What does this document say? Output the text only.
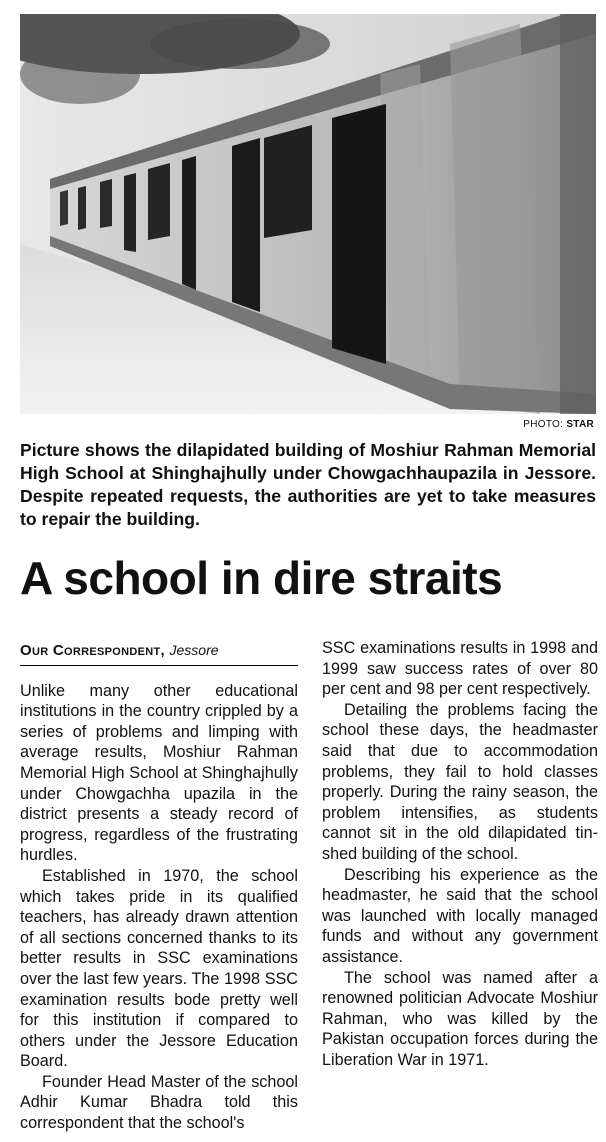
PHOTO: STAR
Picture shows the dilapidated building of Moshiur Rahman Memorial High School at Shinghajhully under Chowgachhaupazila in Jessore. Despite repeated requests, the authorities are yet to take measures to repair the building.
A school in dire straits
Our Correspondent, Jessore

Unlike many other educational institutions in the country crippled by a series of problems and limping with average results, Moshiur Rahman Memorial High School at Shinghajhully under Chowgachha upazila in the district presents a steady record of progress, regardless of the frustrating hurdles.

Established in 1970, the school which takes pride in its qualified teachers, has already drawn attention of all sections concerned thanks to its better results in SSC examinations over the last few years. The 1998 SSC examination results bode pretty well for this institution if compared to others under the Jessore Education Board.

Founder Head Master of the school Adhir Kumar Bhadra told this correspondent that the school's

SSC examinations results in 1998 and 1999 saw success rates of over 80 per cent and 98 per cent respectively.

Detailing the problems facing the school these days, the headmaster said that due to accommodation problems, they fail to hold classes properly. During the rainy season, the problem intensifies, as students cannot sit in the old dilapidated tin-shed building of the school.

Describing his experience as the headmaster, he said that the school was launched with locally managed funds and without any government assistance.

The school was named after a renowned politician Advocate Moshiur Rahman, who was killed by the Pakistan occupation forces during the Liberation War in 1971.
